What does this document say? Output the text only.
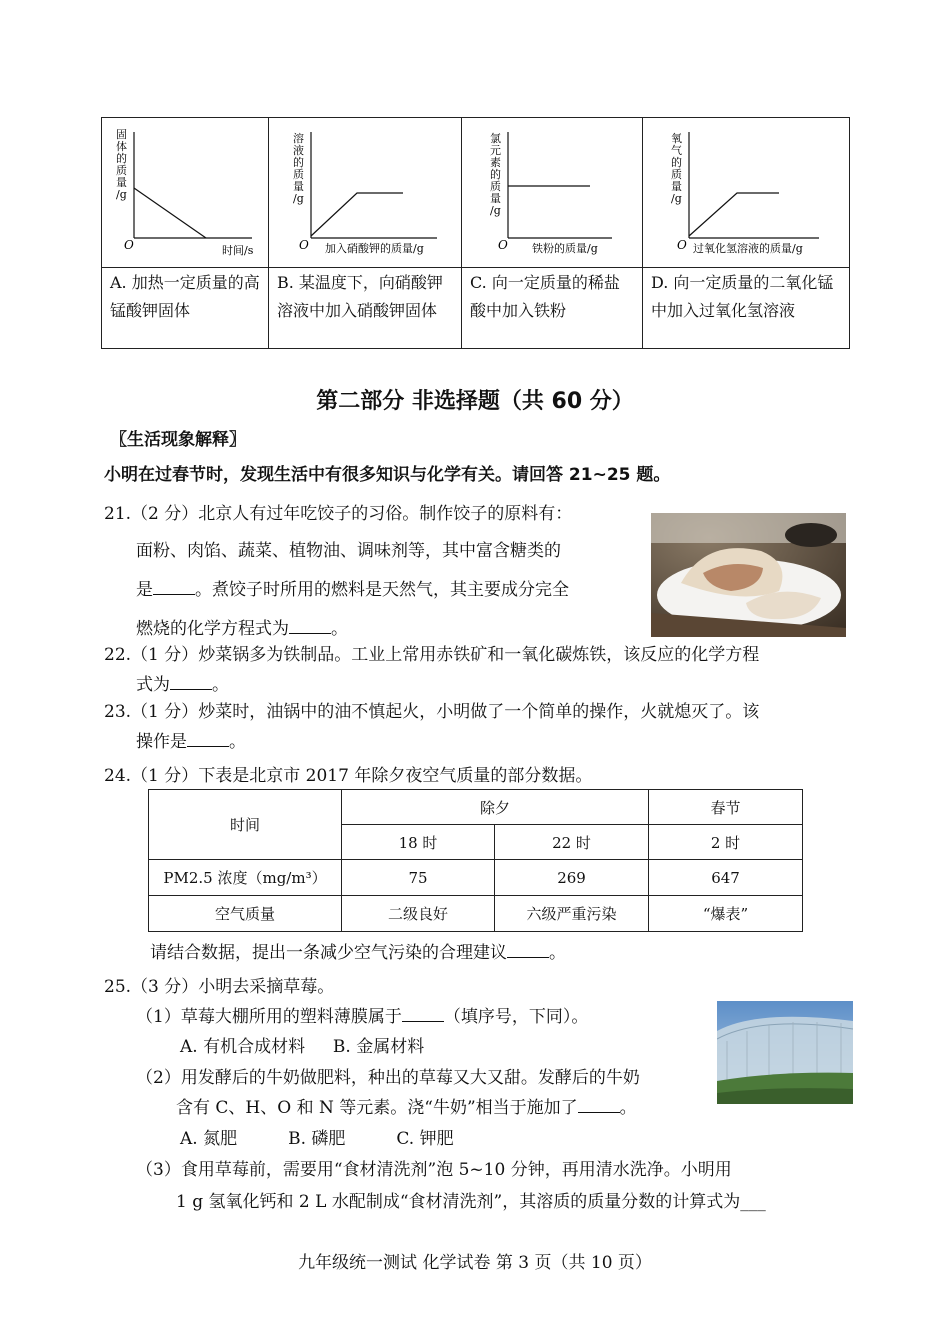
固体的质量/g
O 时间/s	溶液的质量/g
O 加入硝酸钾的质量/g	氯元素的质量/g
O 铁粉的质量/g	氧气的质量/g
O 过氧化氢溶液的质量/g

A. 加热一定质量的高锰酸钾固体	B. 某温度下，向硝酸钾溶液中加入硝酸钾固体	C. 向一定质量的稀盐酸中加入铁粉	D. 向一定质量的二氧化锰中加入过氧化氢溶液
第二部分 非选择题（共 60 分）
〖生活现象解释〗
小明在过春节时，发现生活中有很多知识与化学有关。请回答 21~25 题。
21.（2 分）北京人有过年吃饺子的习俗。制作饺子的原料有：
面粉、肉馅、蔬菜、植物油、调味剂等，其中富含糖类的
是 。煮饺子时所用的燃料是天然气，其主要成分完全
燃烧的化学方程式为 。
22.（1 分）炒菜锅多为铁制品。工业上常用赤铁矿和一氧化碳炼铁，该反应的化学方程
式为 。
23.（1 分）炒菜时，油锅中的油不慎起火，小明做了一个简单的操作，火就熄灭了。该
操作是 。
24.（1 分）下表是北京市 2017 年除夕夜空气质量的部分数据。
时间	除夕		春节
	18 时	22 时	2 时
PM2.5 浓度（mg/m³）	75	269	647
空气质量	二级良好	六级严重污染	“爆表”
请结合数据，提出一条减少空气污染的合理建议 。
25.（3 分）小明去采摘草莓。
（1）草莓大棚所用的塑料薄膜属于 （填序号，下同）。
A. 有机合成材料 　 B. 金属材料
（2）用发酵后的牛奶做肥料，种出的草莓又大又甜。发酵后的牛奶
含有 C、H、O 和 N 等元素。浇“牛奶”相当于施加了 。
A. 氮肥　　　B. 磷肥　　　C. 钾肥
（3）食用草莓前，需要用“食材清洗剂”泡 5~10 分钟，再用清水洗净。小明用
1 g 氢氧化钙和 2 L 水配制成“食材清洗剂”，其溶质的质量分数的计算式为___
九年级统一测试 化学试卷 第 3 页（共 10 页）
